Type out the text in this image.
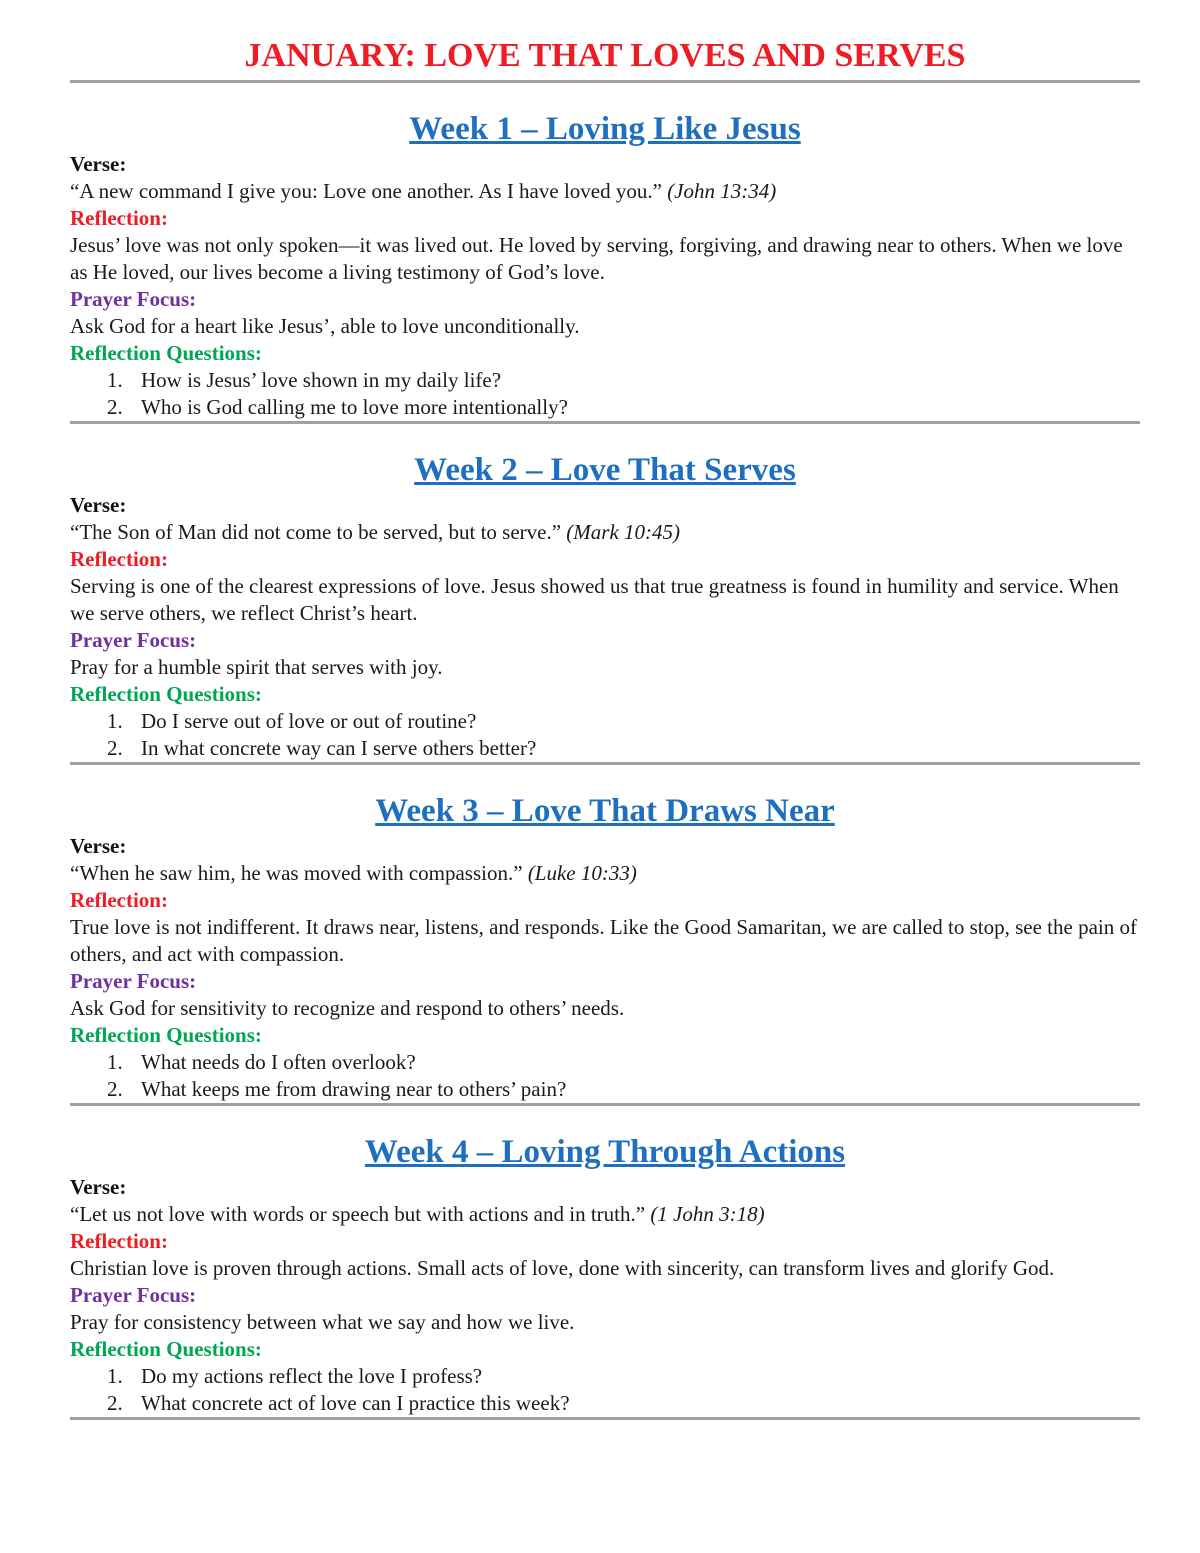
JANUARY: LOVE THAT LOVES AND SERVES
Week 1 – Loving Like Jesus
Verse:
“A new command I give you: Love one another. As I have loved you.” (John 13:34)
Reflection:
Jesus’ love was not only spoken—it was lived out. He loved by serving, forgiving, and drawing near to others. When we love as He loved, our lives become a living testimony of God’s love.
Prayer Focus:
Ask God for a heart like Jesus’, able to love unconditionally.
Reflection Questions:
1. How is Jesus’ love shown in my daily life?
2. Who is God calling me to love more intentionally?
Week 2 – Love That Serves
Verse:
“The Son of Man did not come to be served, but to serve.” (Mark 10:45)
Reflection:
Serving is one of the clearest expressions of love. Jesus showed us that true greatness is found in humility and service. When we serve others, we reflect Christ’s heart.
Prayer Focus:
Pray for a humble spirit that serves with joy.
Reflection Questions:
1. Do I serve out of love or out of routine?
2. In what concrete way can I serve others better?
Week 3 – Love That Draws Near
Verse:
“When he saw him, he was moved with compassion.” (Luke 10:33)
Reflection:
True love is not indifferent. It draws near, listens, and responds. Like the Good Samaritan, we are called to stop, see the pain of others, and act with compassion.
Prayer Focus:
Ask God for sensitivity to recognize and respond to others’ needs.
Reflection Questions:
1. What needs do I often overlook?
2. What keeps me from drawing near to others’ pain?
Week 4 – Loving Through Actions
Verse:
“Let us not love with words or speech but with actions and in truth.” (1 John 3:18)
Reflection:
Christian love is proven through actions. Small acts of love, done with sincerity, can transform lives and glorify God.
Prayer Focus:
Pray for consistency between what we say and how we live.
Reflection Questions:
1. Do my actions reflect the love I profess?
2. What concrete act of love can I practice this week?
